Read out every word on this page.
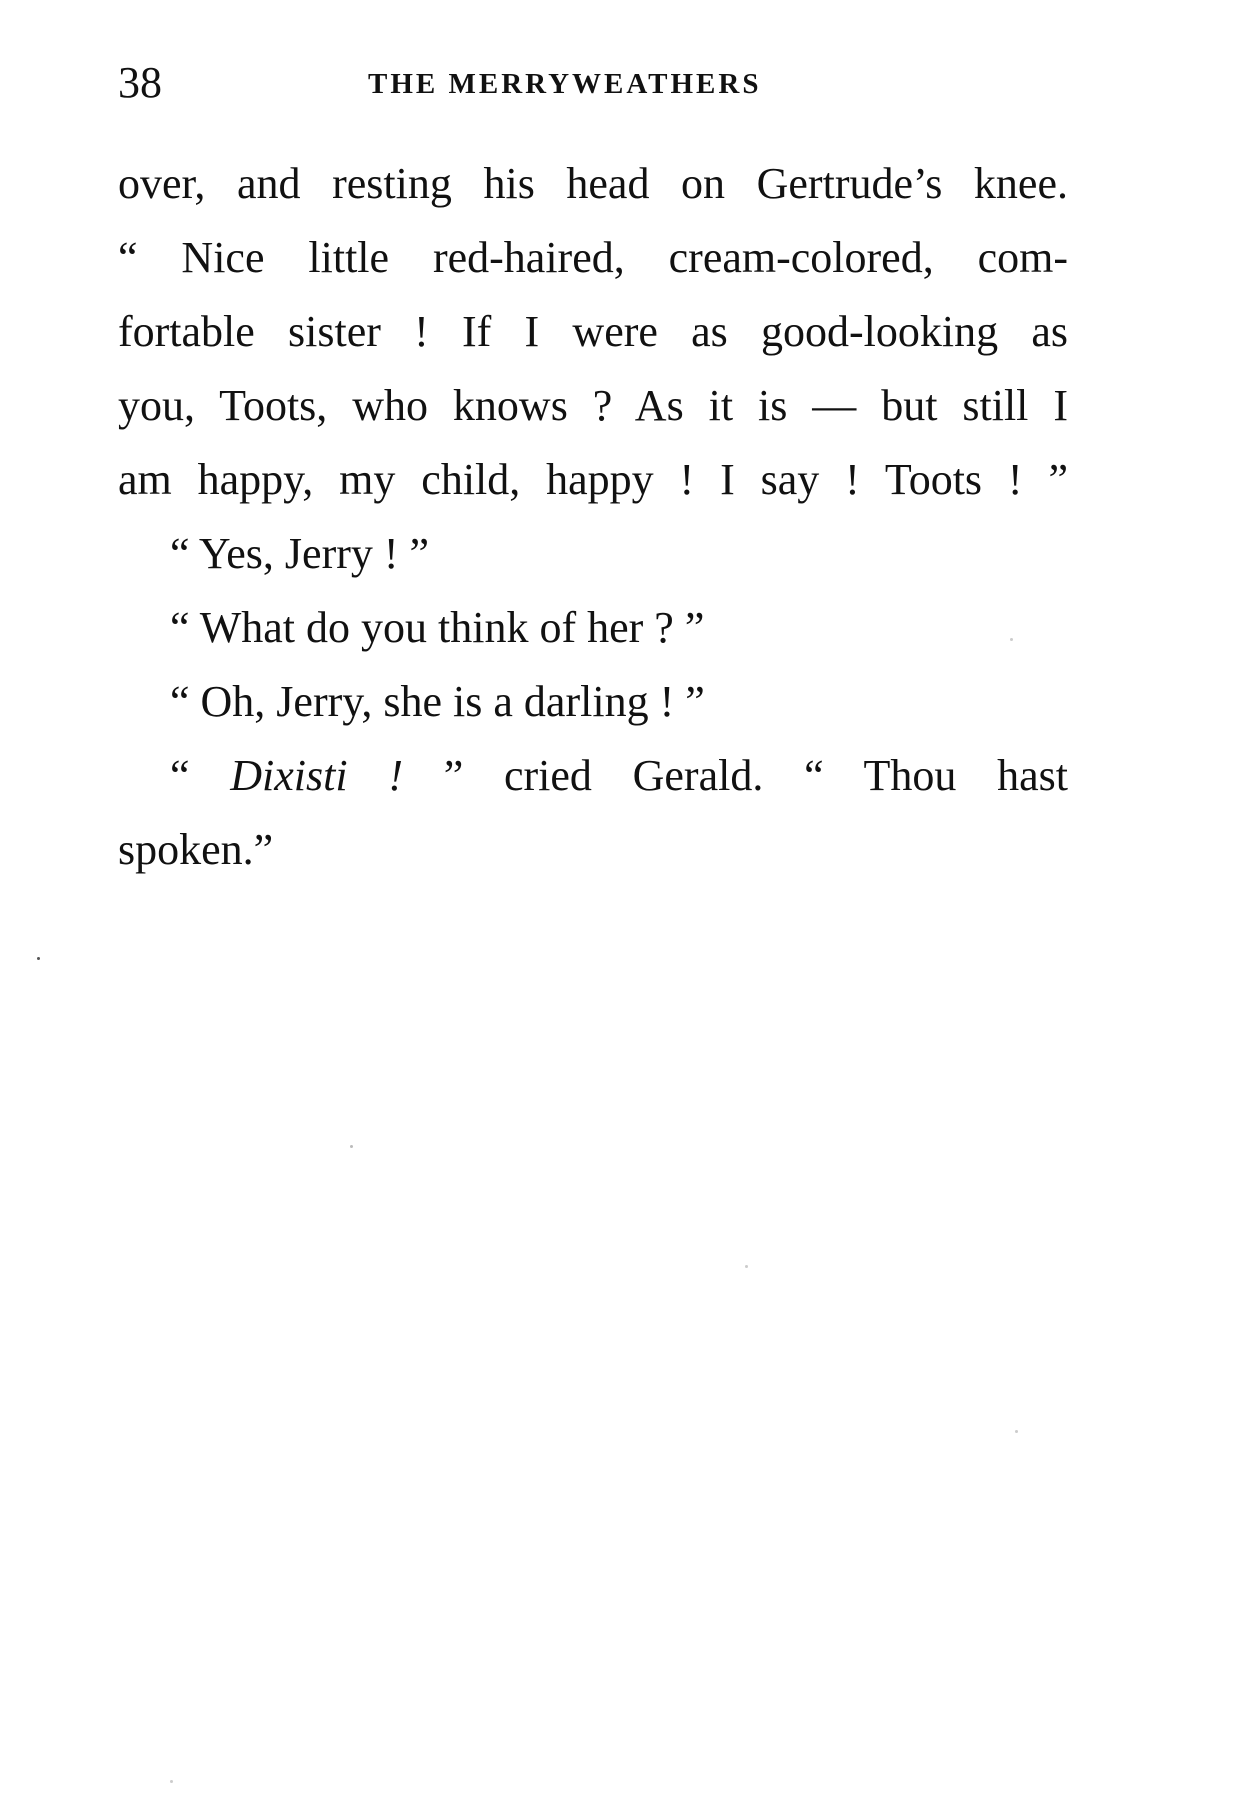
38	THE MERRYWEATHERS
over, and resting his head on Gertrude’s knee.
“ Nice little red-haired, cream-colored, com-
fortable sister ! If I were as good-looking as
you, Toots, who knows ? As it is — but still I
am happy, my child, happy ! I say ! Toots ! ”
“ Yes, Jerry ! ”
“ What do you think of her ? ”
“ Oh, Jerry, she is a darling ! ”
“ Dixisti ! ” cried Gerald. “ Thou hast
spoken.”
